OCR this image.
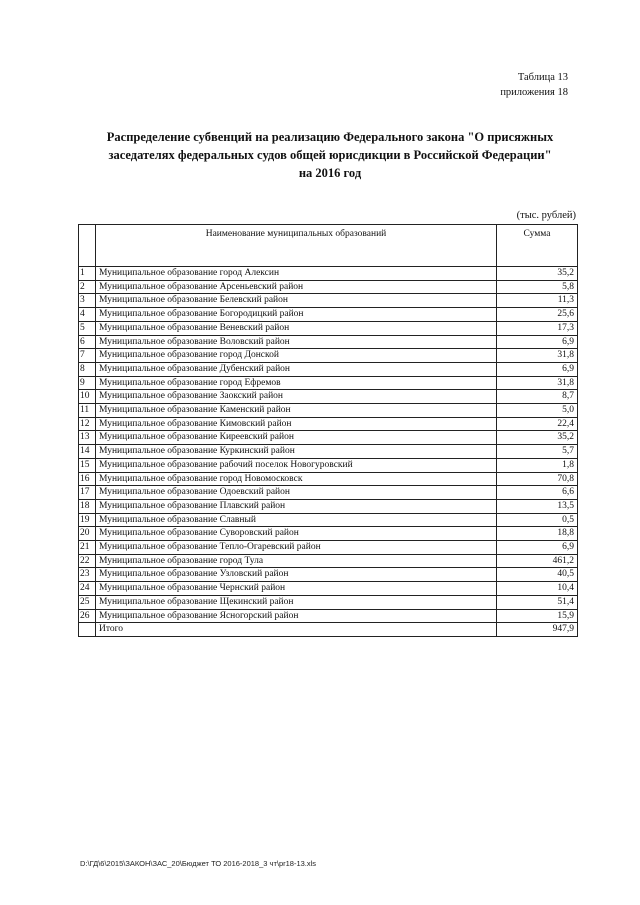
Таблица 13
приложения 18
Распределение субвенций на реализацию Федерального закона "О присяжных
заседателях федеральных судов общей юрисдикции в Российской Федерации"
на 2016 год
(тыс. рублей)
	Наименование муниципальных образований	Сумма
1	Муниципальное образование город Алексин	35,2
2	Муниципальное образование Арсеньевский район	5,8
3	Муниципальное образование Белевский район	11,3
4	Муниципальное образование Богородицкий район	25,6
5	Муниципальное образование Веневский район	17,3
6	Муниципальное образование Воловский район	6,9
7	Муниципальное образование город Донской	31,8
8	Муниципальное образование Дубенский район	6,9
9	Муниципальное образование город Ефремов	31,8
10	Муниципальное образование Заокский район	8,7
11	Муниципальное образование Каменский район	5,0
12	Муниципальное образование Кимовский район	22,4
13	Муниципальное образование Киреевский район	35,2
14	Муниципальное образование Куркинский район	5,7
15	Муниципальное образование рабочий поселок Новогуровский	1,8
16	Муниципальное образование город Новомосковск	70,8
17	Муниципальное образование Одоевский район	6,6
18	Муниципальное образование Плавский район	13,5
19	Муниципальное образование Славный	0,5
20	Муниципальное образование Суворовский район	18,8
21	Муниципальное образование Тепло-Огаревский район	6,9
22	Муниципальное образование город Тула	461,2
23	Муниципальное образование Узловский район	40,5
24	Муниципальное образование Чернский район	10,4
25	Муниципальное образование Щекинский район	51,4
26	Муниципальное образование Ясногорский район	15,9
	Итого	947,9
D:\ГД\6\2015\ЗАКОН\ЗАС_20\Бюджет ТО 2016-2018_3 чт\pr18-13.xls
